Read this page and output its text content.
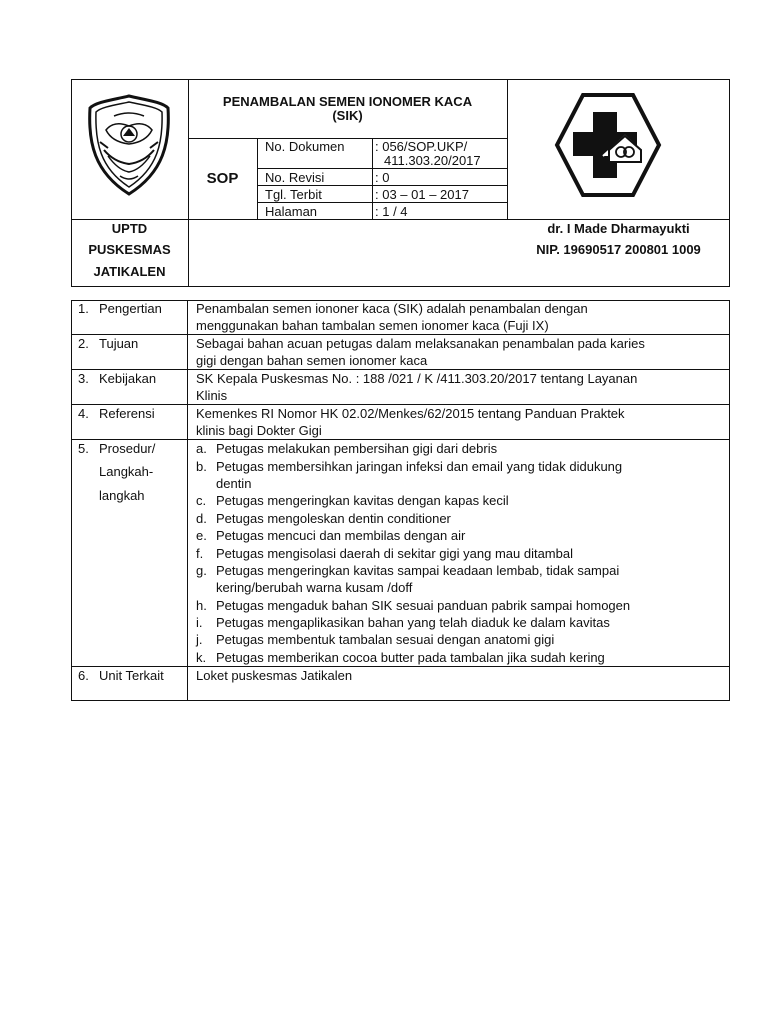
PENAMBALAN SEMEN IONOMER KACA
(SIK)
SOP
No. Dokumen : 056/SOP.UKP/
411.303.20/2017
No. Revisi	: 0
Tgl. Terbit	: 03 – 01 – 2017
Halaman	: 1 / 4
UPTD
PUSKESMAS
JATIKALEN
dr. I Made Dharmayukti
NIP. 19690517 200801 1009
1. Pengertian	Penambalan semen iononer kaca (SIK) adalah penambalan dengan
menggunakan bahan tambalan semen ionomer kaca (Fuji IX)
2. Tujuan	Sebagai bahan acuan petugas dalam melaksanakan penambalan pada karies
gigi dengan bahan semen ionomer kaca
3. Kebijakan	SK Kepala Puskesmas No. : 188 /021 / K /411.303.20/2017 tentang Layanan
Klinis
4. Referensi	Kemenkes RI Nomor HK 02.02/Menkes/62/2015 tentang Panduan Praktek
klinis bagi Dokter Gigi
5. Prosedur/
Langkah-
langkah
a. Petugas melakukan pembersihan gigi dari debris
b. Petugas membersihkan jaringan infeksi dan email yang tidak didukung
dentin
c. Petugas mengeringkan kavitas dengan kapas kecil
d. Petugas mengoleskan dentin conditioner
e. Petugas mencuci dan membilas dengan air
f. Petugas mengisolasi daerah di sekitar gigi yang mau ditambal
g. Petugas mengeringkan kavitas sampai keadaan lembab, tidak sampai
kering/berubah warna kusam /doff
h. Petugas mengaduk bahan SIK sesuai panduan pabrik sampai homogen
i. Petugas mengaplikasikan bahan yang telah diaduk ke dalam kavitas
j. Petugas membentuk tambalan sesuai dengan anatomi gigi
k. Petugas memberikan cocoa butter pada tambalan jika sudah kering
6. Unit Terkait Loket puskesmas Jatikalen
